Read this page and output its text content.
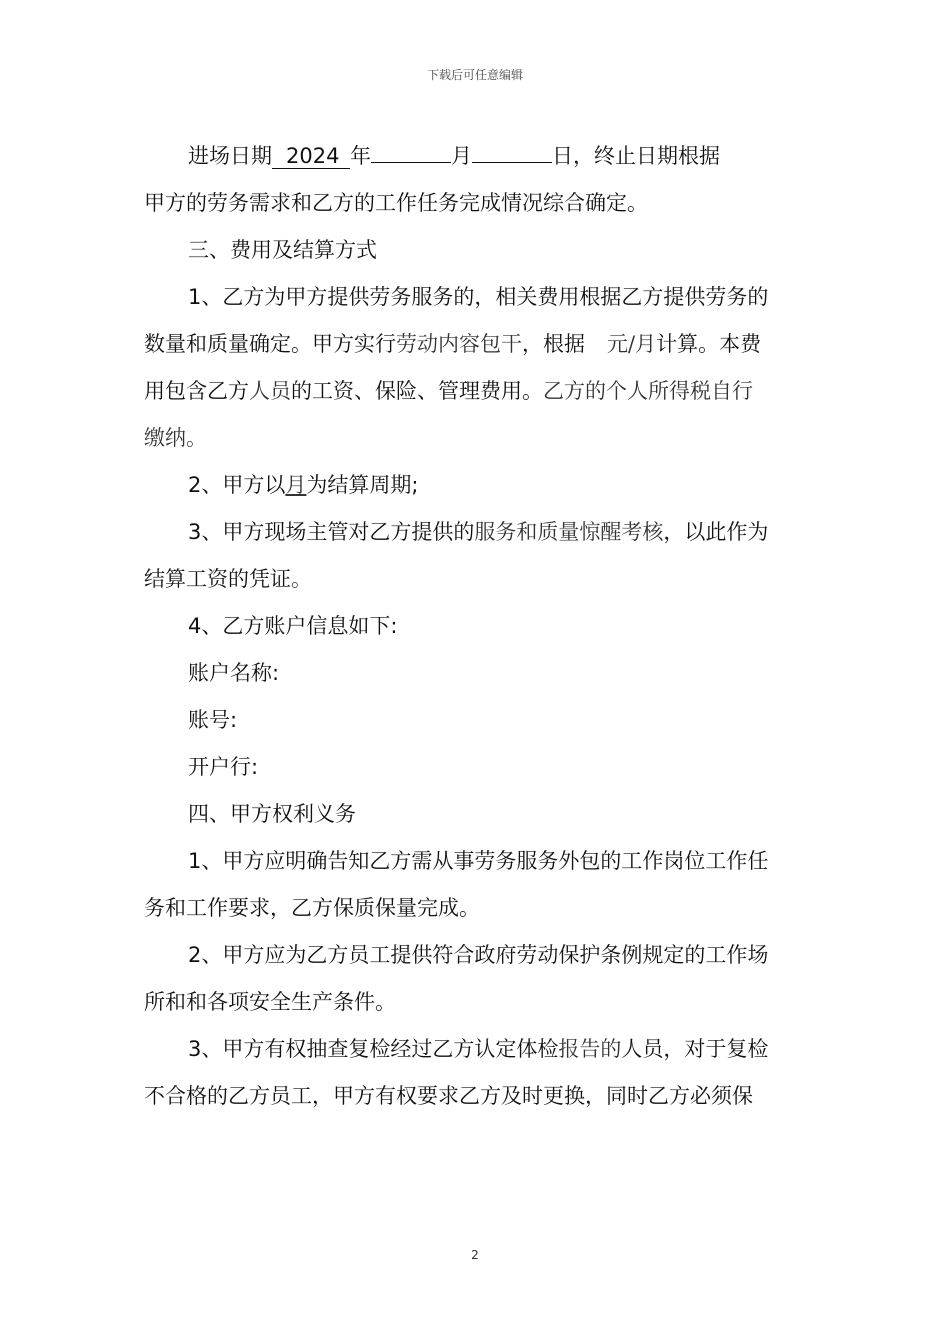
下载后可任意编辑

进场日期 2024 年	月	日，终止日期根据

甲方的劳务需求和乙方的工作任务完成情况综合确定。

三、费用及结算方式

1、乙方为甲方提供劳务服务的，相关费用根据乙方提供劳务的

数量和质量确定。甲方实行劳动内容包干，根据 元/月计算。本费

用包含乙方人员的工资、保险、管理费用。乙方的个人所得税自行

缴纳。

2、甲方以月为结算周期;

3、甲方现场主管对乙方提供的服务和质量惊醒考核，以此作为

结算工资的凭证。

4、乙方账户信息如下:

账户名称:

账号:

开户行:

四、甲方权利义务

1、甲方应明确告知乙方需从事劳务服务外包的工作岗位工作任

务和工作要求，乙方保质保量完成。

2、甲方应为乙方员工提供符合政府劳动保护条例规定的工作场

所和和各项安全生产条件。

3、甲方有权抽查复检经过乙方认定体检报告的人员，对于复检

不合格的乙方员工，甲方有权要求乙方及时更换，同时乙方必须保

2
